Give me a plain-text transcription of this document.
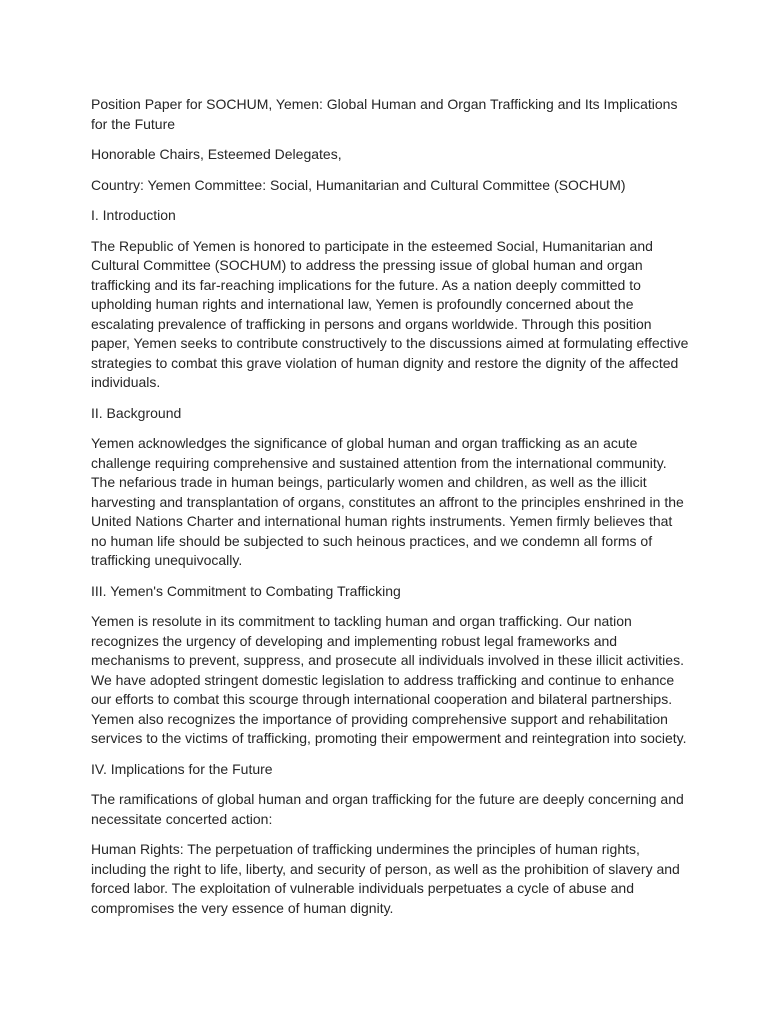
Position Paper for SOCHUM, Yemen: Global Human and Organ Trafficking and Its Implications for the Future

Honorable Chairs, Esteemed Delegates,

Country: Yemen Committee: Social, Humanitarian and Cultural Committee (SOCHUM)

I. Introduction

The Republic of Yemen is honored to participate in the esteemed Social, Humanitarian and Cultural Committee (SOCHUM) to address the pressing issue of global human and organ trafficking and its far-reaching implications for the future. As a nation deeply committed to upholding human rights and international law, Yemen is profoundly concerned about the escalating prevalence of trafficking in persons and organs worldwide. Through this position paper, Yemen seeks to contribute constructively to the discussions aimed at formulating effective strategies to combat this grave violation of human dignity and restore the dignity of the affected individuals.

II. Background

Yemen acknowledges the significance of global human and organ trafficking as an acute challenge requiring comprehensive and sustained attention from the international community. The nefarious trade in human beings, particularly women and children, as well as the illicit harvesting and transplantation of organs, constitutes an affront to the principles enshrined in the United Nations Charter and international human rights instruments. Yemen firmly believes that no human life should be subjected to such heinous practices, and we condemn all forms of trafficking unequivocally.

III. Yemen's Commitment to Combating Trafficking

Yemen is resolute in its commitment to tackling human and organ trafficking. Our nation recognizes the urgency of developing and implementing robust legal frameworks and mechanisms to prevent, suppress, and prosecute all individuals involved in these illicit activities. We have adopted stringent domestic legislation to address trafficking and continue to enhance our efforts to combat this scourge through international cooperation and bilateral partnerships. Yemen also recognizes the importance of providing comprehensive support and rehabilitation services to the victims of trafficking, promoting their empowerment and reintegration into society.

IV. Implications for the Future

The ramifications of global human and organ trafficking for the future are deeply concerning and necessitate concerted action:

Human Rights: The perpetuation of trafficking undermines the principles of human rights, including the right to life, liberty, and security of person, as well as the prohibition of slavery and forced labor. The exploitation of vulnerable individuals perpetuates a cycle of abuse and compromises the very essence of human dignity.
